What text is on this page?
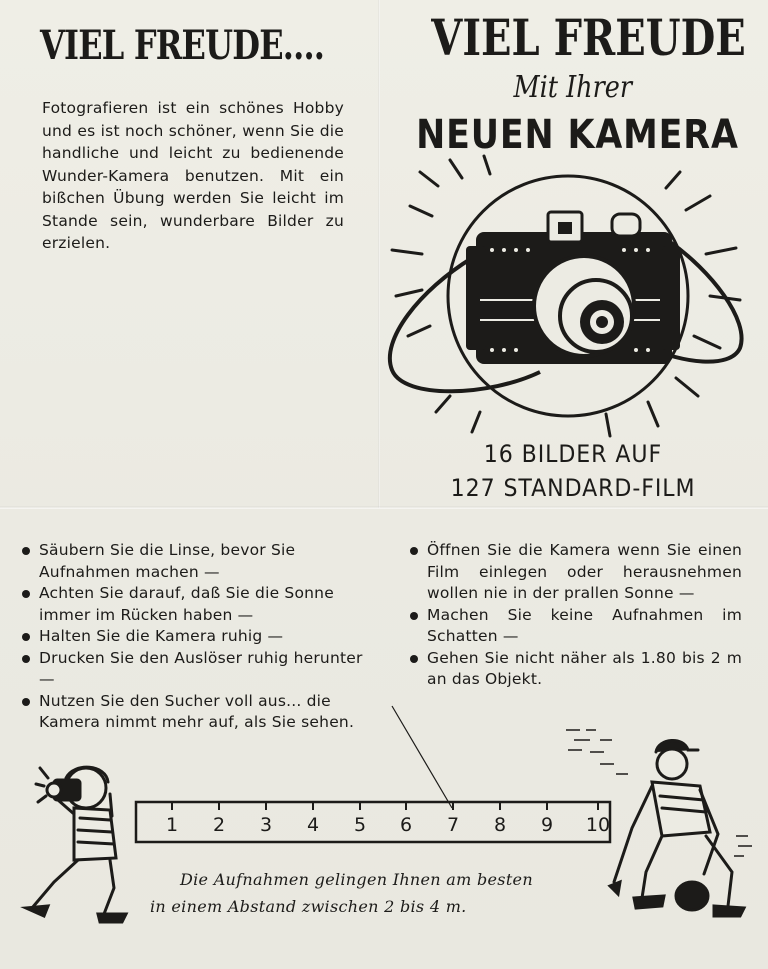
VIEL FREUDE....
Fotografieren ist ein schönes Hobby und es ist noch schöner, wenn Sie die handliche und leicht zu bedienende Wunder-Kamera benutzen. Mit ein bißchen Übung werden Sie leicht im Stande sein, wunderbare Bilder zu erzielen.
VIEL FREUDE
Mit Ihrer
NEUEN KAMERA
16 BILDER AUF
127 STANDARD-FILM
Säubern Sie die Linse, bevor Sie Aufnahmen machen —
Achten Sie darauf, daß Sie die Sonne immer im Rücken haben —
Halten Sie die Kamera ruhig —
Drucken Sie den Auslöser ruhig herunter —
Nutzen Sie den Sucher voll aus... die Kamera nimmt mehr auf, als Sie sehen.
Öffnen Sie die Kamera wenn Sie einen Film einlegen oder herausnehmen wollen nie in der prallen Sonne —
Machen Sie keine Aufnahmen im Schatten —
Gehen Sie nicht näher als 1.80 bis 2 m an das Objekt.
1	2	3	4	5	6	7	8	9	10
Die Aufnahmen gelingen Ihnen am besten
in einem Abstand zwischen 2 bis 4 m.
